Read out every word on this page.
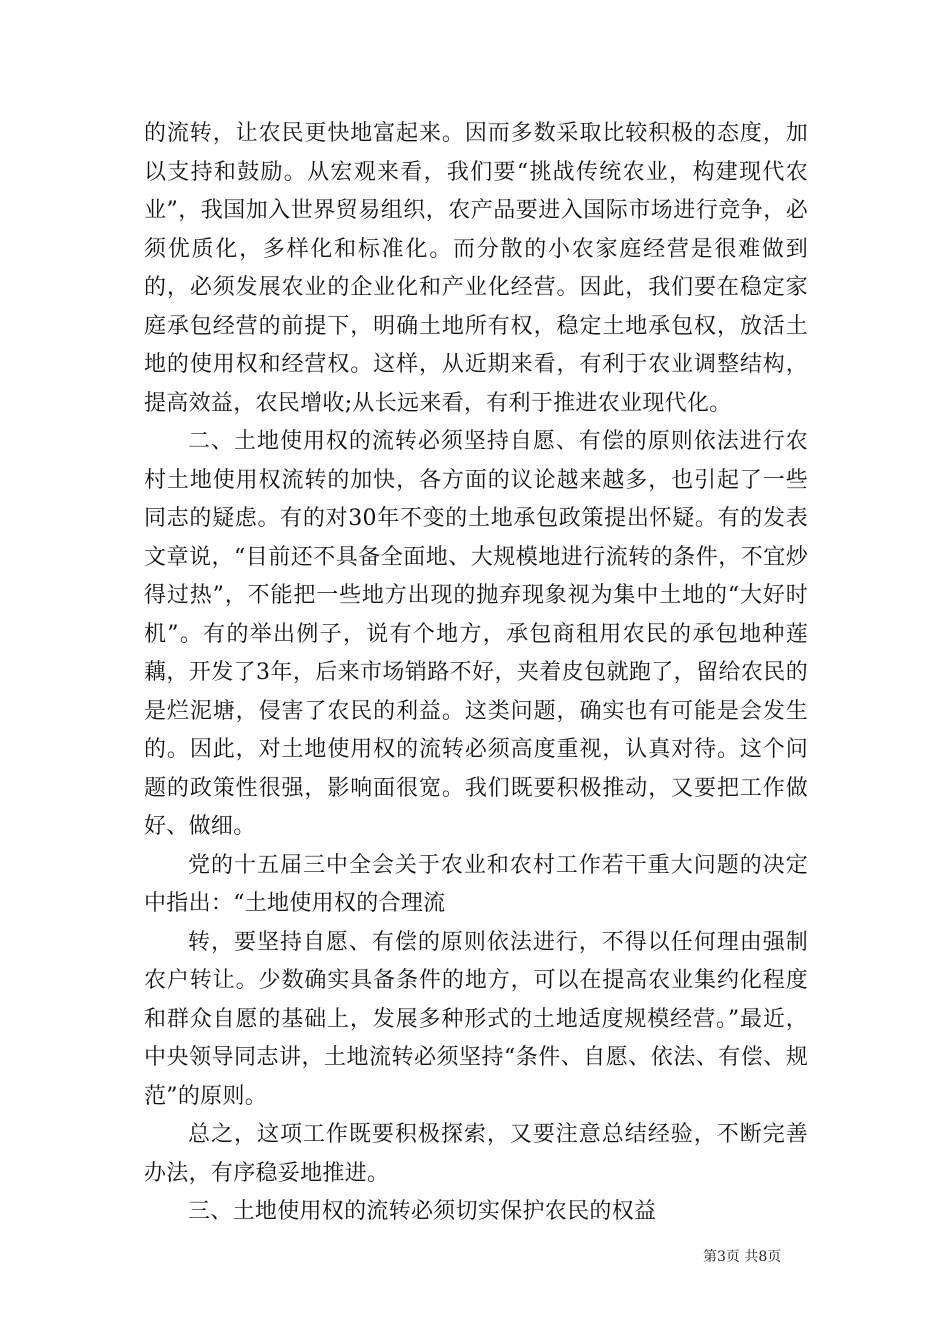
的流转，让农民更快地富起来。因而多数采取比较积极的态度，加以支持和鼓励。从宏观来看，我们要“挑战传统农业，构建现代农业”，我国加入世界贸易组织，农产品要进入国际市场进行竞争，必须优质化，多样化和标准化。而分散的小农家庭经营是很难做到的，必须发展农业的企业化和产业化经营。因此，我们要在稳定家庭承包经营的前提下，明确土地所有权，稳定土地承包权，放活土地的使用权和经营权。这样，从近期来看，有利于农业调整结构，提高效益，农民增收;从长远来看，有利于推进农业现代化。

二、土地使用权的流转必须坚持自愿、有偿的原则依法进行农村土地使用权流转的加快，各方面的议论越来越多，也引起了一些同志的疑虑。有的对30年不变的土地承包政策提出怀疑。有的发表文章说，“目前还不具备全面地、大规模地进行流转的条件，不宜炒得过热”，不能把一些地方出现的抛弃现象视为集中土地的“大好时机”。有的举出例子，说有个地方，承包商租用农民的承包地种莲藕，开发了3年，后来市场销路不好，夹着皮包就跑了，留给农民的是烂泥塘，侵害了农民的利益。这类问题，确实也有可能是会发生的。因此，对土地使用权的流转必须高度重视，认真对待。这个问题的政策性很强，影响面很宽。我们既要积极推动，又要把工作做好、做细。

党的十五届三中全会关于农业和农村工作若干重大问题的决定中指出：“土地使用权的合理流

转，要坚持自愿、有偿的原则依法进行，不得以任何理由强制农户转让。少数确实具备条件的地方，可以在提高农业集约化程度和群众自愿的基础上，发展多种形式的土地适度规模经营。”最近，中央领导同志讲，土地流转必须坚持“条件、自愿、依法、有偿、规范”的原则。

总之，这项工作既要积极探索，又要注意总结经验，不断完善办法，有序稳妥地推进。

三、土地使用权的流转必须切实保护农民的权益

第3页 共8页
